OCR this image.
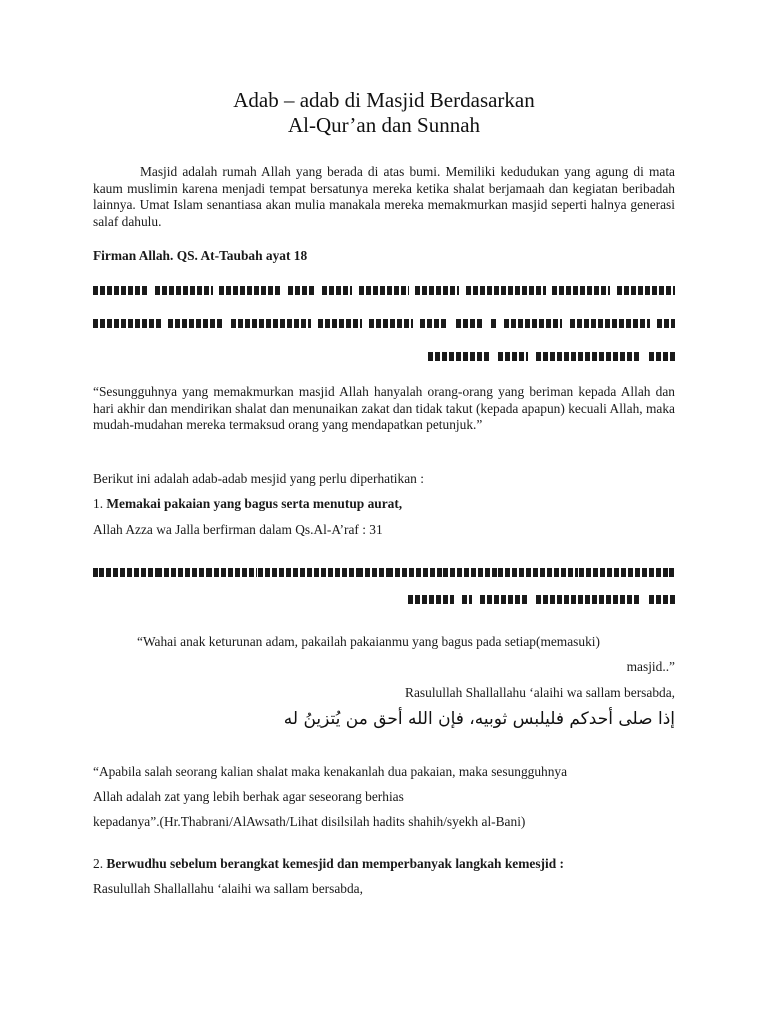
Adab – adab di Masjid Berdasarkan
Al-Qur’an dan Sunnah
Masjid adalah rumah Allah yang berada di atas bumi. Memiliki kedudukan yang agung di mata kaum muslimin karena menjadi tempat bersatunya mereka ketika shalat berjamaah dan kegiatan beribadah lainnya. Umat Islam senantiasa akan mulia manakala mereka memakmurkan masjid seperti halnya generasi salaf dahulu.
Firman Allah. QS. At-Taubah ayat 18
“Sesungguhnya yang memakmurkan masjid Allah hanyalah orang-orang yang beriman kepada Allah dan hari akhir dan mendirikan shalat dan menunaikan zakat dan tidak takut (kepada apapun) kecuali Allah, maka mudah-mudahan mereka termaksud orang yang mendapatkan petunjuk.”
Berikut ini adalah adab-adab mesjid yang perlu diperhatikan :
1. Memakai pakaian yang bagus serta menutup aurat,
Allah Azza wa Jalla berfirman dalam Qs.Al-A’raf : 31
“Wahai anak keturunan adam, pakailah pakaianmu yang bagus pada setiap(memasuki)
masjid..”
Rasulullah Shallallahu ‘alaihi wa sallam bersabda,
إذا صلى أحدكم فليلبس ثوبيه، فإن الله أحق من يُتزينُ له
“Apabila salah seorang kalian shalat maka kenakanlah dua pakaian, maka sesungguhnya
Allah adalah zat yang lebih berhak agar seseorang berhias
kepadanya”.(Hr.Thabrani/AlAwsath/Lihat disilsilah hadits shahih/syekh al-Bani)
2. Berwudhu sebelum berangkat kemesjid dan memperbanyak langkah kemesjid :
Rasulullah Shallallahu ‘alaihi wa sallam bersabda,
